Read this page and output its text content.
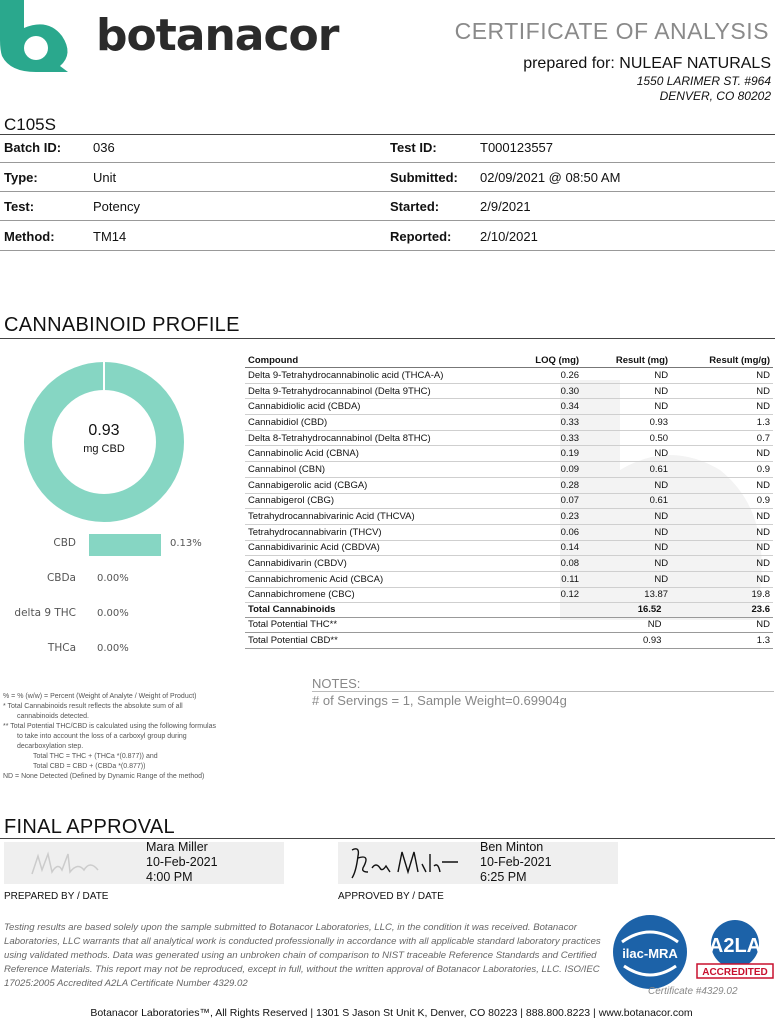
botanacor	CERTIFICATE OF ANALYSIS
prepared for: NULEAF NATURALS
1550 LARIMER ST. #964
DENVER, CO 80202
C105S
Batch ID: 036	Test ID:	T000123557
Type:	Unit	Submitted: 02/09/2021 @ 08:50 AM
Test:	Potency	Started:	2/9/2021
Method:	TM14	Reported: 2/10/2021
CANNABINOID PROFILE
0.93
mg CBD
CBD	0.13%
CBDa 0.00%
delta 9 THC 0.00%
THCa 0.00%
Compound	LOQ (mg)	Result (mg)	Result (mg/g)
Delta 9-Tetrahydrocannabinolic acid (THCA-A)	0.26	ND	ND
Delta 9-Tetrahydrocannabinol (Delta 9THC)	0.30	ND	ND
Cannabidiolic acid (CBDA)	0.34	ND	ND
Cannabidiol (CBD)	0.33	0.93	1.3
Delta 8-Tetrahydrocannabinol (Delta 8THC)	0.33	0.50	0.7
Cannabinolic Acid (CBNA)	0.19	ND	ND
Cannabinol (CBN)	0.09	0.61	0.9
Cannabigerolic acid (CBGA)	0.28	ND	ND
Cannabigerol (CBG)	0.07	0.61	0.9
Tetrahydrocannabivarinic Acid (THCVA)	0.23	ND	ND
Tetrahydrocannabivarin (THCV)	0.06	ND	ND
Cannabidivarinic Acid (CBDVA)	0.14	ND	ND
Cannabidivarin (CBDV)	0.08	ND	ND
Cannabichromenic Acid (CBCA)	0.11	ND	ND
Cannabichromene (CBC)	0.12	13.87	19.8
Total Cannabinoids		16.52	23.6
Total Potential THC**		ND	ND
Total Potential CBD**		0.93	1.3
NOTES:
# of Servings = 1, Sample Weight=0.69904g
% = % (w/w) = Percent (Weight of Analyte / Weight of Product)
* Total Cannabinoids result reflects the absolute sum of all
cannabinoids detected.
** Total Potential THC/CBD is calculated using the following formulas
to take into account the loss of a carboxyl group during
decarboxylation step.
Total THC = THC + (THCa *(0.877)) and
Total CBD = CBD + (CBDa *(0.877))
ND = None Detected (Defined by Dynamic Range of the method)
FINAL APPROVAL
Mara Miller
10-Feb-2021
4:00 PM
PREPARED BY / DATE
Ben Minton
10-Feb-2021
6:25 PM
APPROVED BY / DATE
Testing results are based solely upon the sample submitted to Botanacor Laboratories, LLC, in the condition it was received. Botanacor Laboratories, LLC warrants that all analytical work is conducted professionally in accordance with all applicable standard laboratory practices using validated methods. Data was generated using an unbroken chain of comparison to NIST traceable Reference Standards and Certified Reference Materials. This report may not be reproduced, except in full, without the written approval of Botanacor Laboratories, LLC. ISO/IEC 17025:2005 Accredited A2LA Certificate Number 4329.02
ilac-MRA A2LA
ACCREDITED
Certificate #4329.02
Botanacor Laboratories™, All Rights Reserved | 1301 S Jason St Unit K, Denver, CO 80223 | 888.800.8223 | www.botanacor.com
